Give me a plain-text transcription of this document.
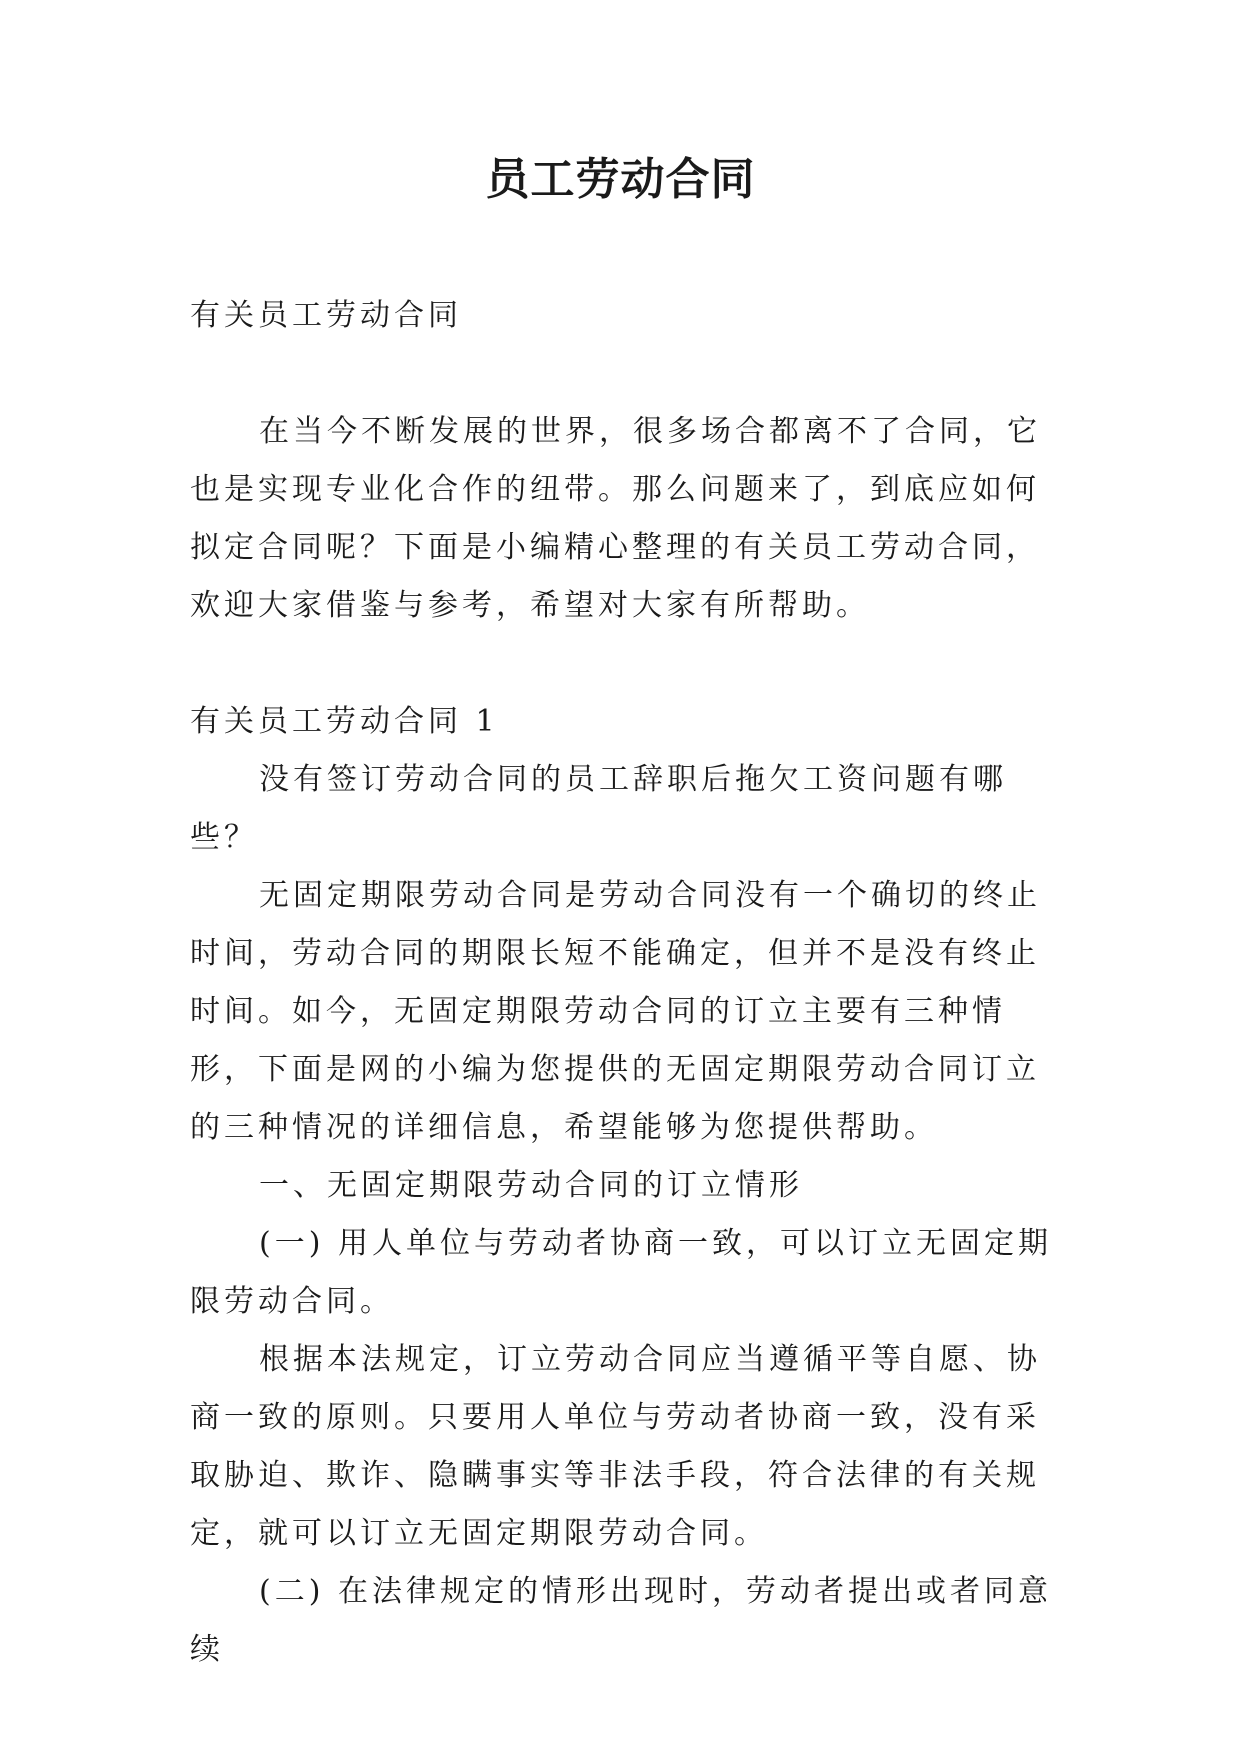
员工劳动合同

有关员工劳动合同

在当今不断发展的世界，很多场合都离不了合同，它也是实现专业化合作的纽带。那么问题来了，到底应如何拟定合同呢？下面是小编精心整理的有关员工劳动合同，欢迎大家借鉴与参考，希望对大家有所帮助。

有关员工劳动合同 1

没有签订劳动合同的员工辞职后拖欠工资问题有哪些？

无固定期限劳动合同是劳动合同没有一个确切的终止时间，劳动合同的期限长短不能确定，但并不是没有终止时间。如今，无固定期限劳动合同的订立主要有三种情形，下面是网的小编为您提供的无固定期限劳动合同订立的三种情况的详细信息，希望能够为您提供帮助。

一、无固定期限劳动合同的订立情形

(一) 用人单位与劳动者协商一致，可以订立无固定期限劳动合同。

根据本法规定，订立劳动合同应当遵循平等自愿、协商一致的原则。只要用人单位与劳动者协商一致，没有采取胁迫、欺诈、隐瞒事实等非法手段，符合法律的有关规定，就可以订立无固定期限劳动合同。

(二) 在法律规定的情形出现时，劳动者提出或者同意续
